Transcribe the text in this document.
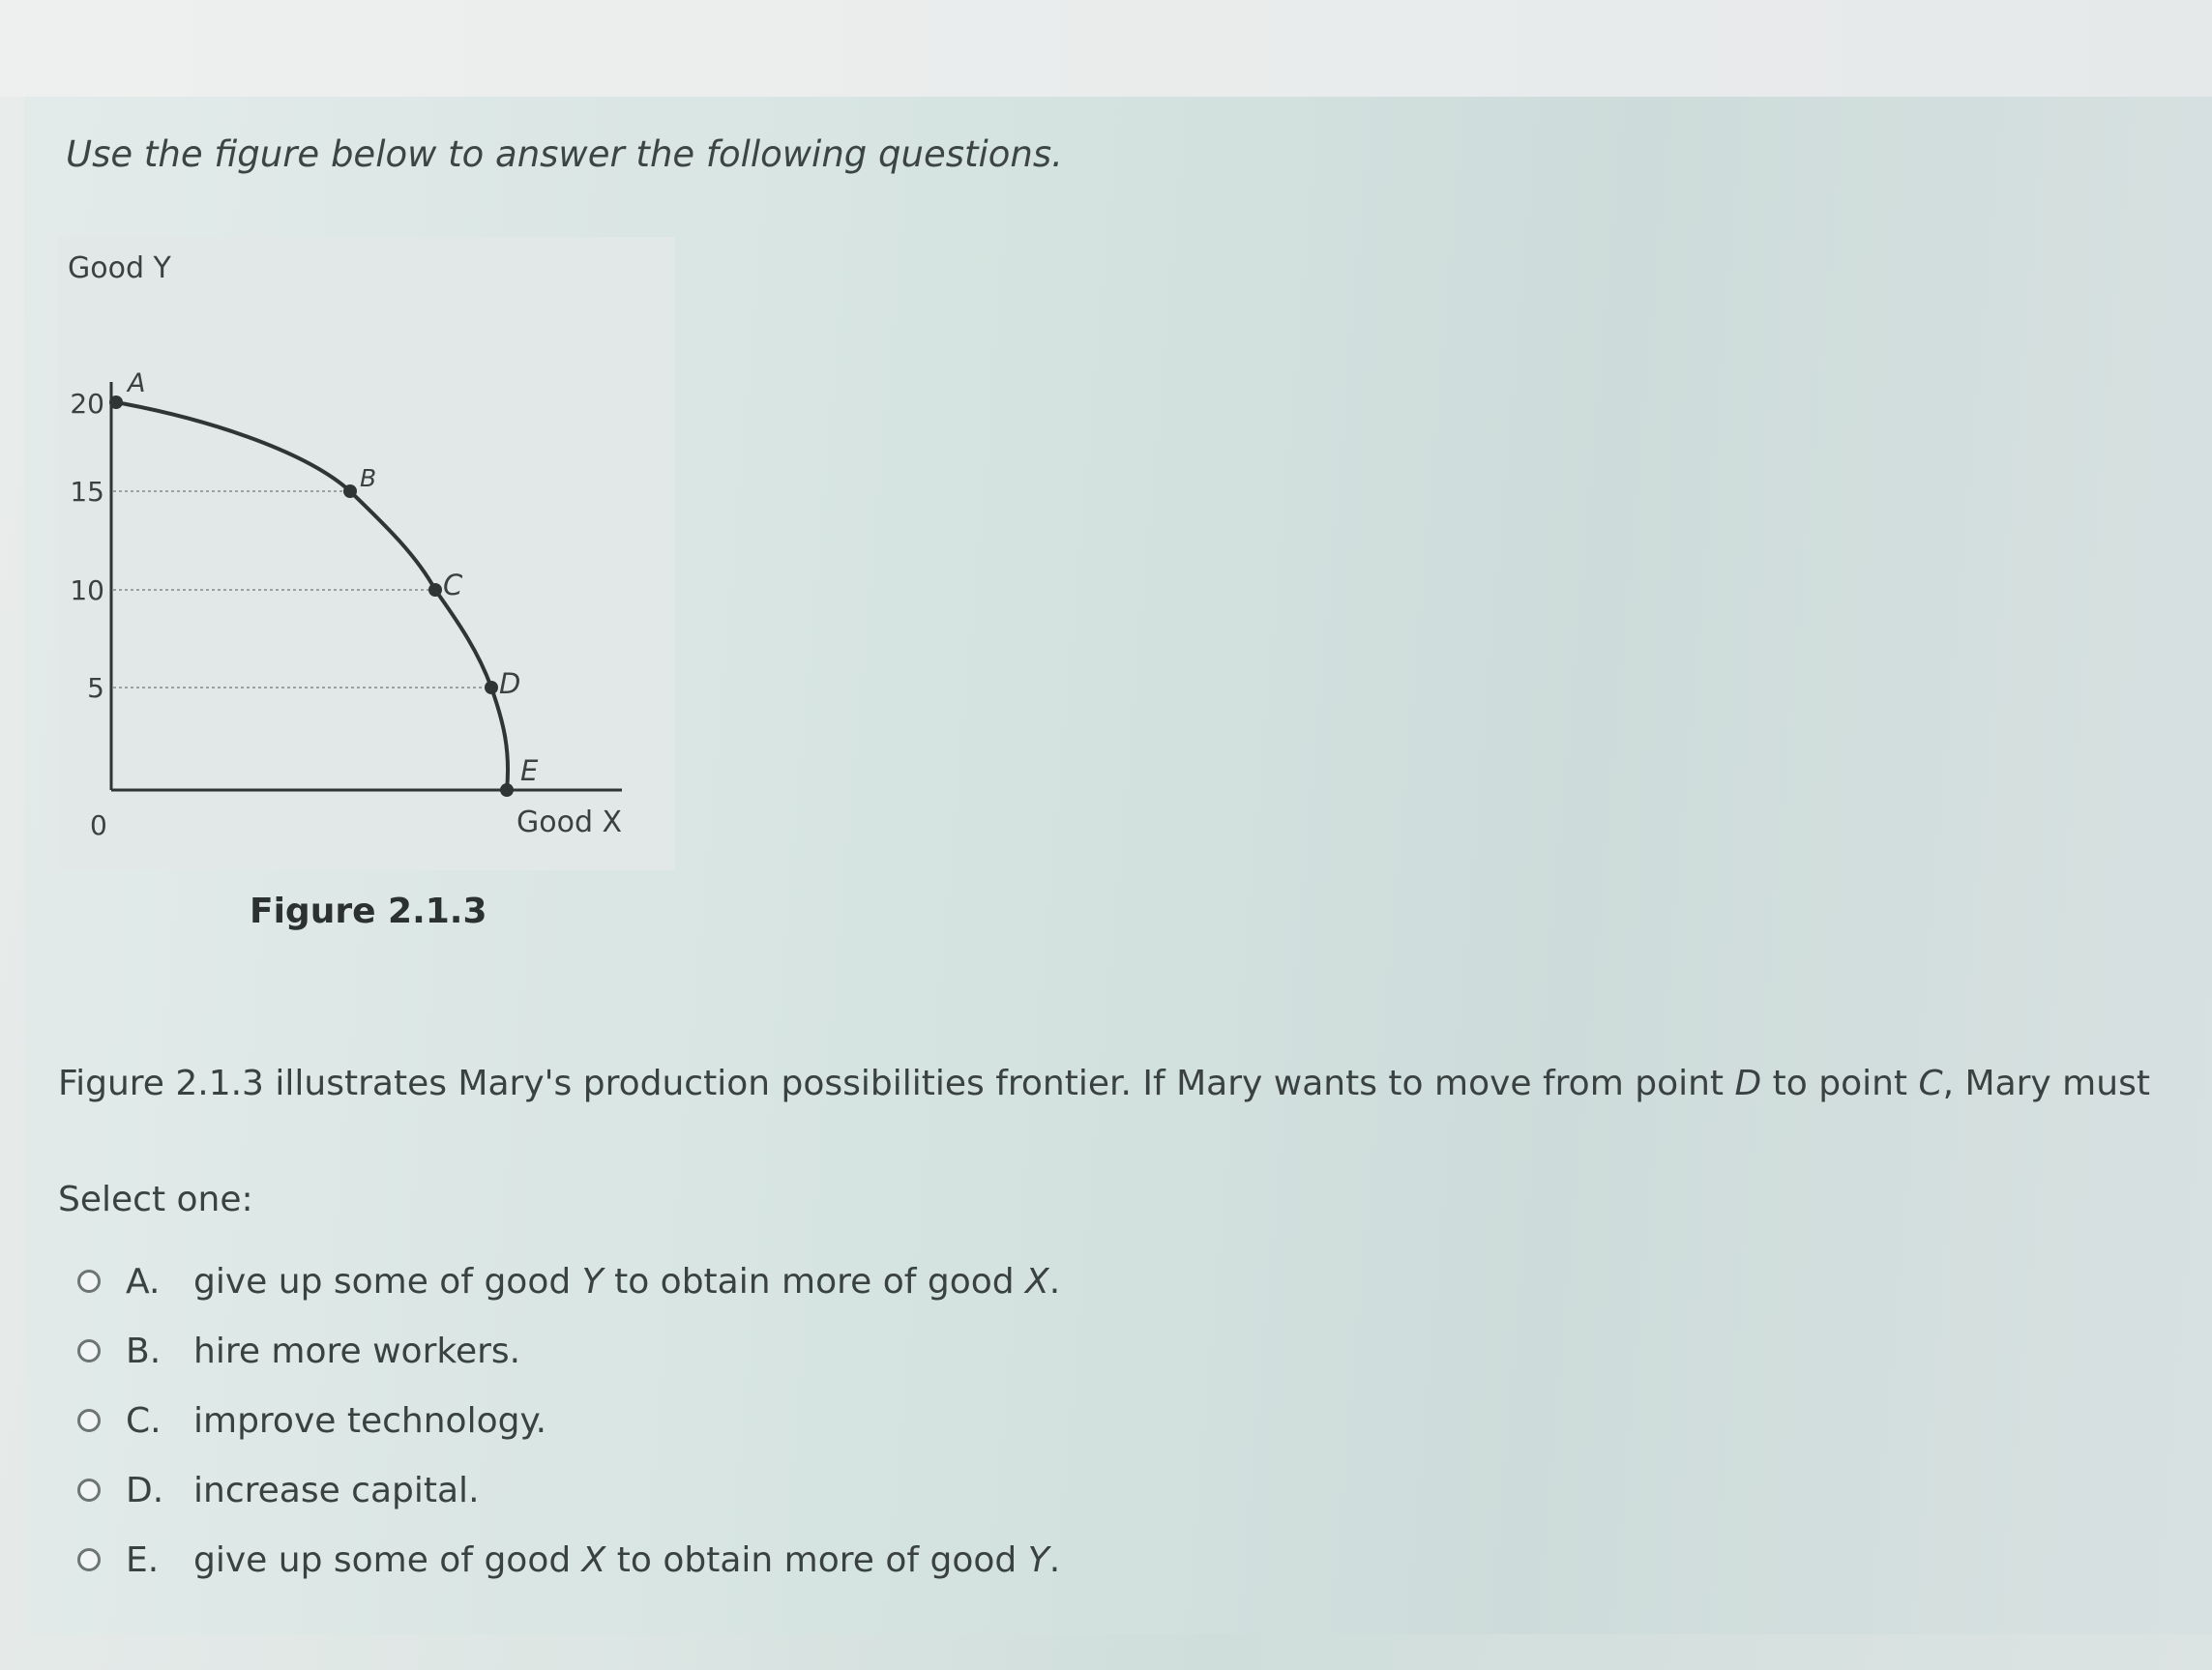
Use the figure below to answer the following questions.
A
B
C
D
E
20
15
10
5
0
Good Y
Good X
Figure 2.1.3
Figure 2.1.3 illustrates Mary's production possibilities frontier. If Mary wants to move from point D to point C, Mary must
Select one:
A. give up some of good Y to obtain more of good X.
B. hire more workers.
C. improve technology.
D. increase capital.
E. give up some of good X to obtain more of good Y.
